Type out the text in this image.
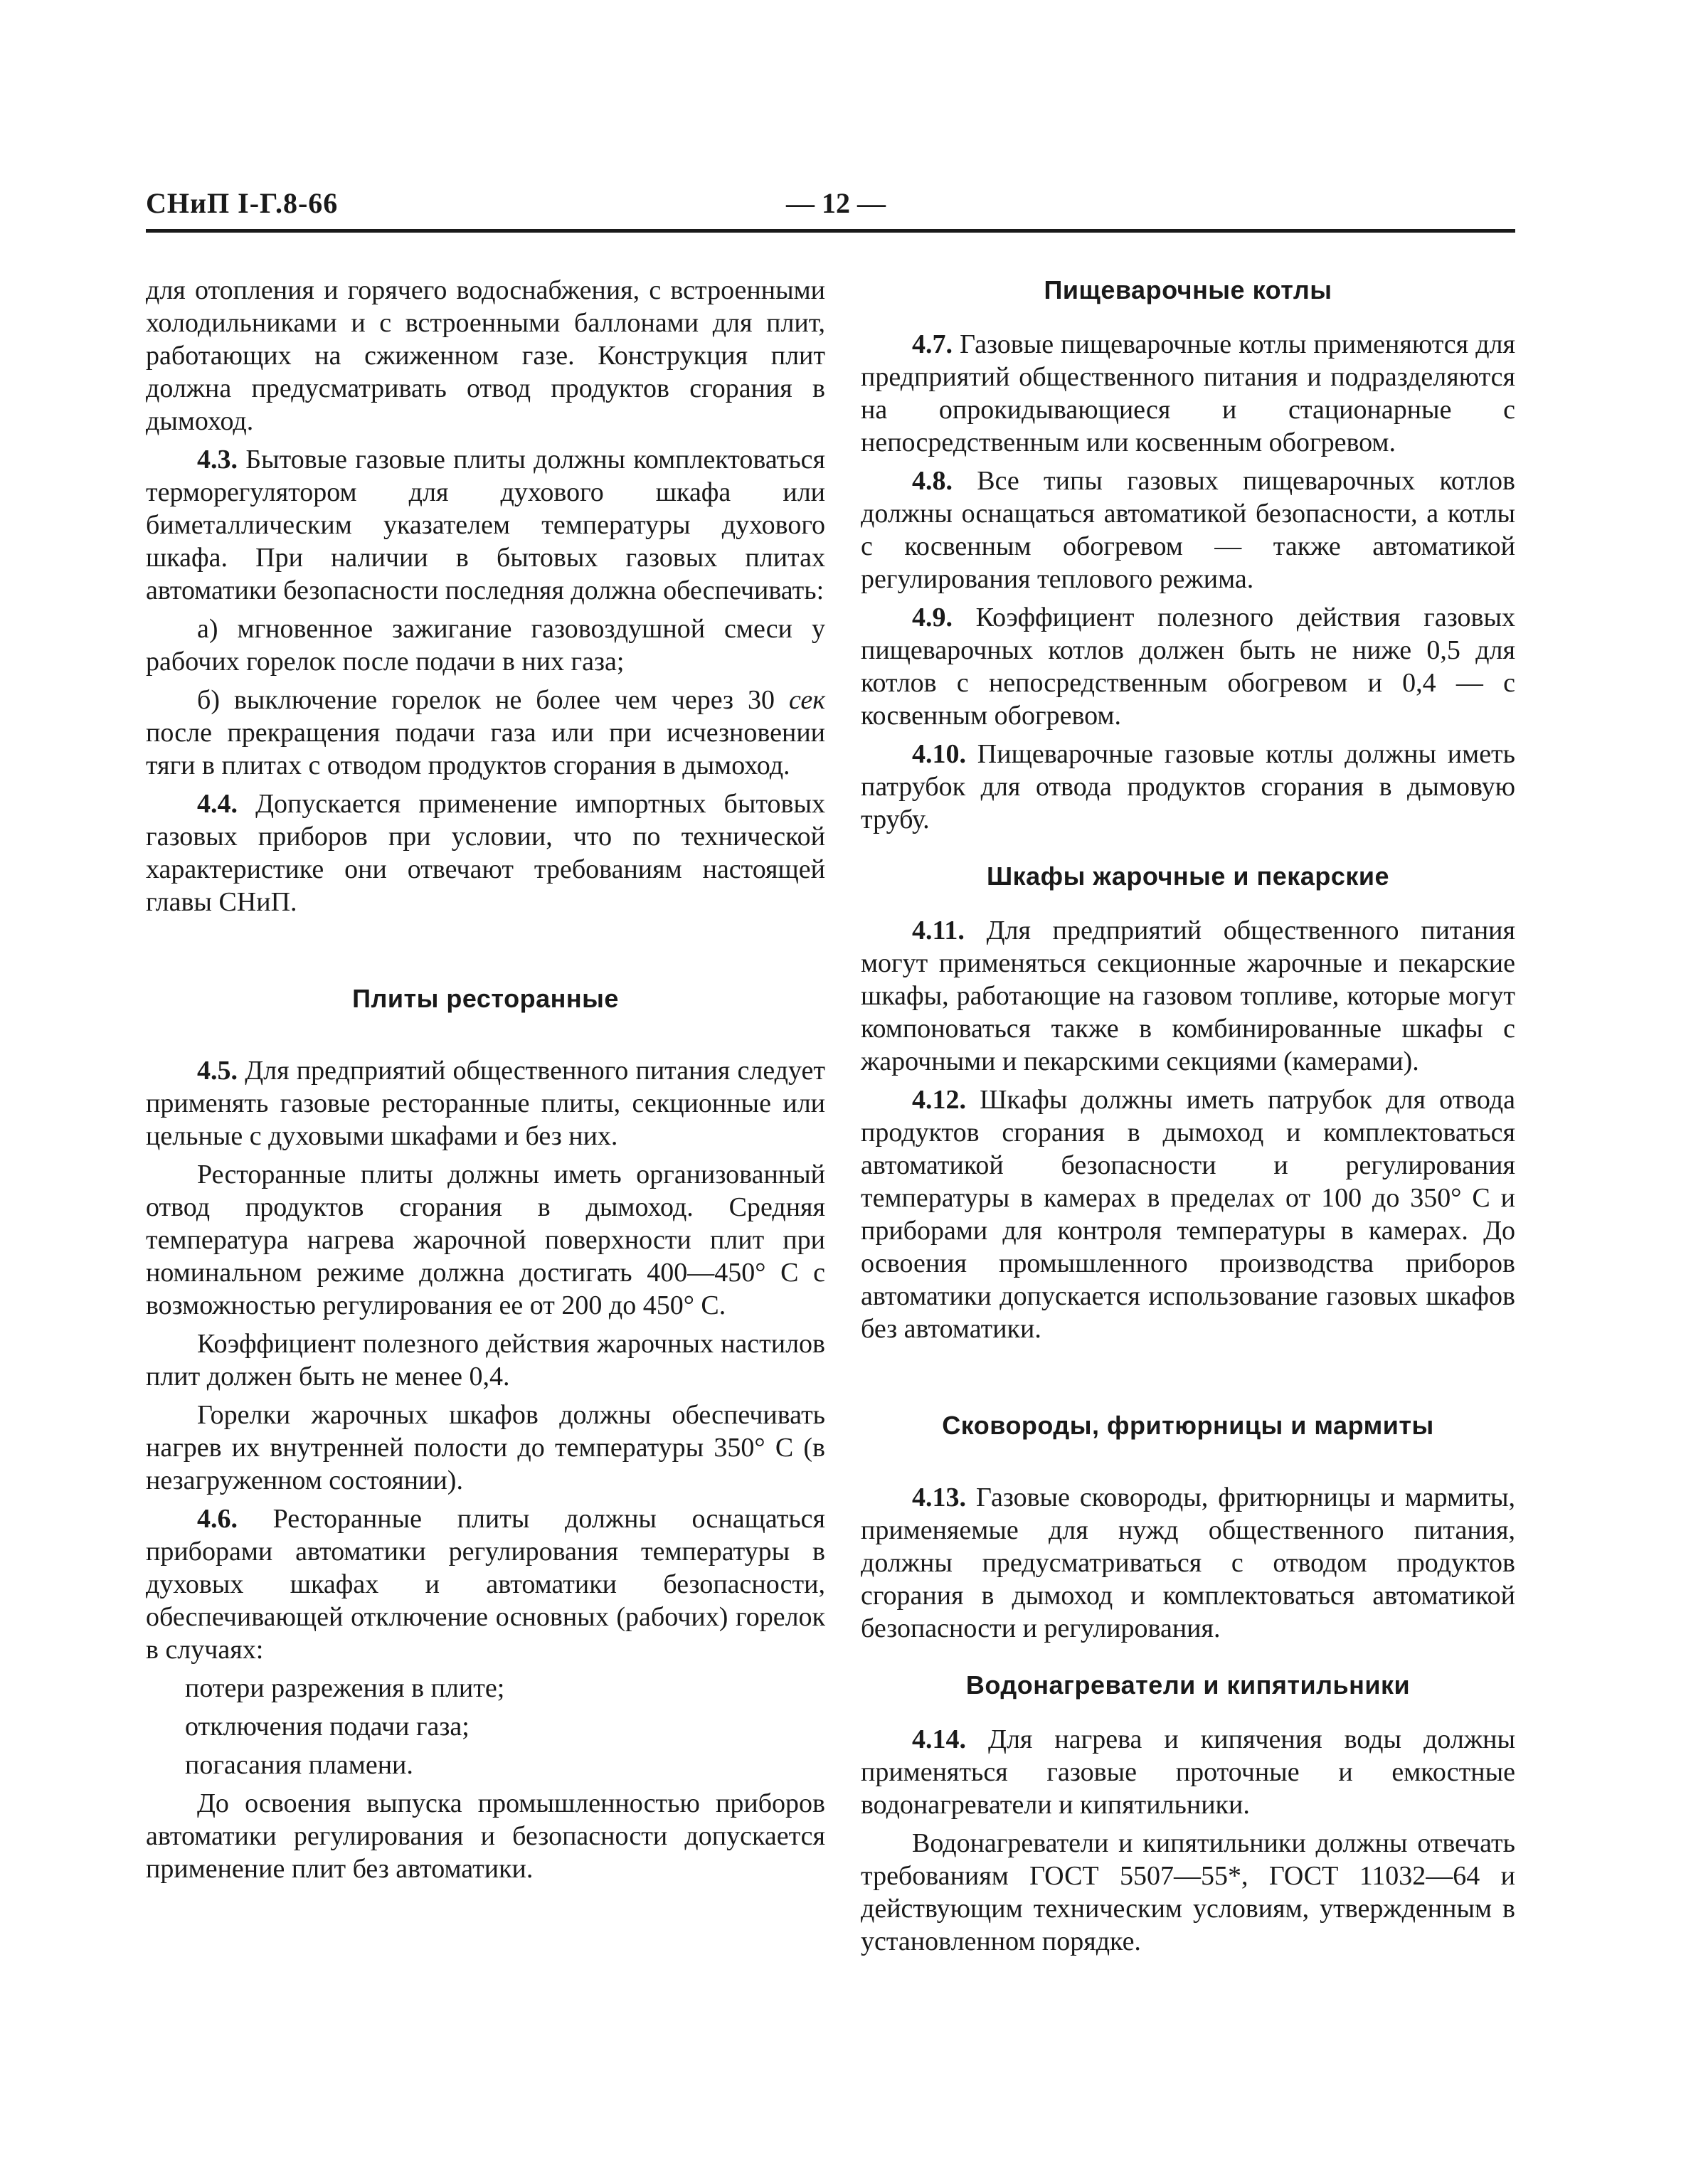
СНиП I-Г.8-66	— 12 —

для отопления и горячего водоснабжения, с встроенными холодильниками и с встроенными баллонами для плит, работающих на сжиженном газе. Конструкция плит должна предусматривать отвод продуктов сгорания в дымоход.

4.3. Бытовые газовые плиты должны комплектоваться терморегулятором для духового шкафа или биметаллическим указателем температуры духового шкафа. При наличии в бытовых газовых плитах автоматики безопасности последняя должна обеспечивать:

а) мгновенное зажигание газовоздушной смеси у рабочих горелок после подачи в них газа;

б) выключение горелок не более чем через 30 сек после прекращения подачи газа или при исчезновении тяги в плитах с отводом продуктов сгорания в дымоход.

4.4. Допускается применение импортных бытовых газовых приборов при условии, что по технической характеристике они отвечают требованиям настоящей главы СНиП.

Плиты ресторанные

4.5. Для предприятий общественного питания следует применять газовые ресторанные плиты, секционные или цельные с духовыми шкафами и без них.

Ресторанные плиты должны иметь организованный отвод продуктов сгорания в дымоход. Средняя температура нагрева жарочной поверхности плит при номинальном режиме должна достигать 400—450° С с возможностью регулирования ее от 200 до 450° С.

Коэффициент полезного действия жарочных настилов плит должен быть не менее 0,4.

Горелки жарочных шкафов должны обеспечивать нагрев их внутренней полости до температуры 350° С (в незагруженном состоянии).

4.6. Ресторанные плиты должны оснащаться приборами автоматики регулирования температуры в духовых шкафах и автоматики безопасности, обеспечивающей отключение основных (рабочих) горелок в случаях:

потери разрежения в плите;

отключения подачи газа;

погасания пламени.

До освоения выпуска промышленностью приборов автоматики регулирования и безопасности допускается применение плит без автоматики.

Пищеварочные котлы

4.7. Газовые пищеварочные котлы применяются для предприятий общественного питания и подразделяются на опрокидывающиеся и стационарные с непосредственным или косвенным обогревом.

4.8. Все типы газовых пищеварочных котлов должны оснащаться автоматикой безопасности, а котлы с косвенным обогревом — также автоматикой регулирования теплового режима.

4.9. Коэффициент полезного действия газовых пищеварочных котлов должен быть не ниже 0,5 для котлов с непосредственным обогревом и 0,4 — с косвенным обогревом.

4.10. Пищеварочные газовые котлы должны иметь патрубок для отвода продуктов сгорания в дымовую трубу.

Шкафы жарочные и пекарские

4.11. Для предприятий общественного питания могут применяться секционные жарочные и пекарские шкафы, работающие на газовом топливе, которые могут компоноваться также в комбинированные шкафы с жарочными и пекарскими секциями (камерами).

4.12. Шкафы должны иметь патрубок для отвода продуктов сгорания в дымоход и комплектоваться автоматикой безопасности и регулирования температуры в камерах в пределах от 100 до 350° С и приборами для контроля температуры в камерах. До освоения промышленного производства приборов автоматики допускается использование газовых шкафов без автоматики.

Сковороды, фритюрницы и мармиты

4.13. Газовые сковороды, фритюрницы и мармиты, применяемые для нужд общественного питания, должны предусматриваться с отводом продуктов сгорания в дымоход и комплектоваться автоматикой безопасности и регулирования.

Водонагреватели и кипятильники

4.14. Для нагрева и кипячения воды должны применяться газовые проточные и емкостные водонагреватели и кипятильники.

Водонагреватели и кипятильники должны отвечать требованиям ГОСТ 5507—55*, ГОСТ 11032—64 и действующим техническим условиям, утвержденным в установленном порядке.
